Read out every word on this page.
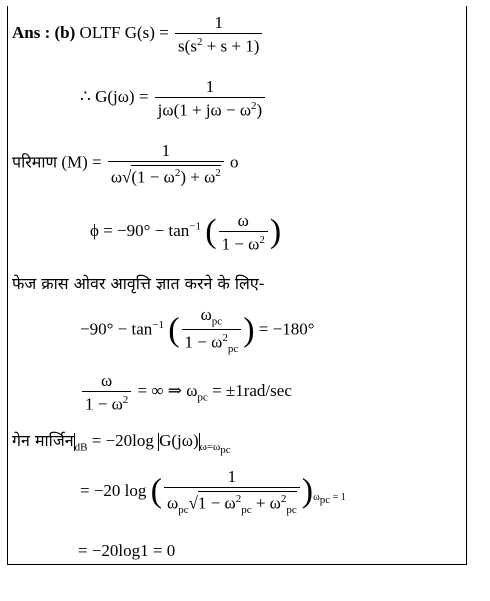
Ans : (b) OLTF $G(s) = \frac{1}{s(s^2 + s + 1)}$
∴ $G(j\omega) = \frac{1}{j\omega(1 + j\omega - \omega^2)}$
परिमाण $(M) = \frac{1}{\omega√(1 - \omega^2) + \omega^2}$ o
$\phi = -90^\circ - \tan^{-1}$ ( $\frac{\omega}{1 - \omega^2}$ )
फेज क्रास ओवर आवृत्ति ज्ञात करने के लिए-
$-90^\circ - \tan^{-1}$ ( $\frac{\omega_{pc}}{1 - \omega^2_{pc}}$ ) = −180°
$\frac{\omega}{1 - \omega^2}$ = ∞ ⇒ $\omega_{pc} = \pm 1rad/\sec$
गेन मार्जिन$_{dB}$ = −20log $G(j\omega)_{\omega=\omega_{pc}}$
= −20 log ( $\frac{1}{\omega_{pc}√1 - \omega^2_{pc} + \omega^2_{pc}} )_{\omega_{pc} = 1}$
= −20log1 = 0
